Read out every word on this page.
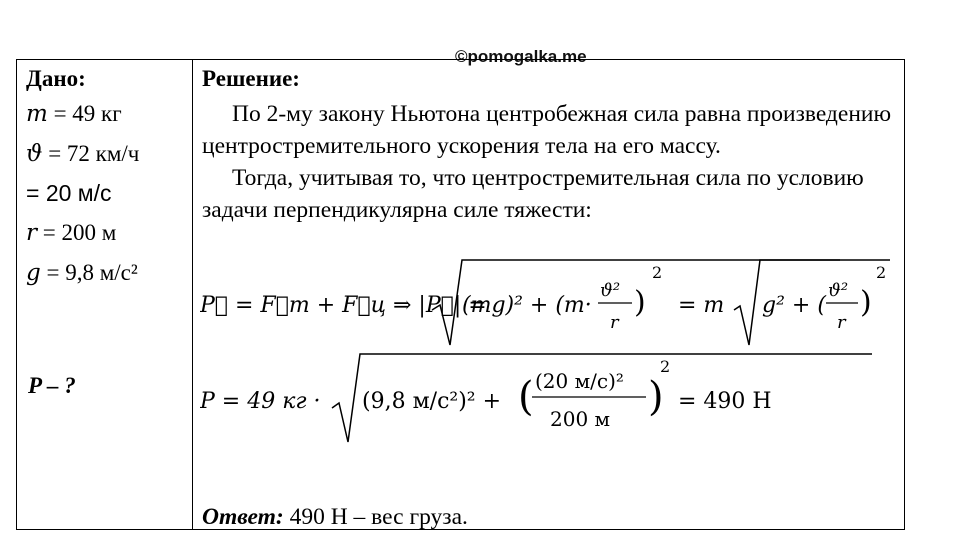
©pomogalka.me
Дано:
m = 49 кг
ϑ = 72 км/ч
= 20 м/с
r = 200 м
g = 9,8 м/с²
P – ?
Решение:

По 2-му закону Ньютона центробежная сила равна произведению центростремительного ускорения тела на его массу.

Тогда, учитывая то, что центростремительная сила по условию задачи перпендикулярна силе тяжести:

P⃗ = F⃗т + F⃗ц ⇒ |P⃗| =
(mg)² + (m·
ϑ²
r
)
2
= m g² + (
ϑ²
r
)
2
P = 49 кг · (9,8 м/с²)² + ( (20 м/с)²
200 м )
2
= 490 Н
Ответ: 490 Н – вес груза.
